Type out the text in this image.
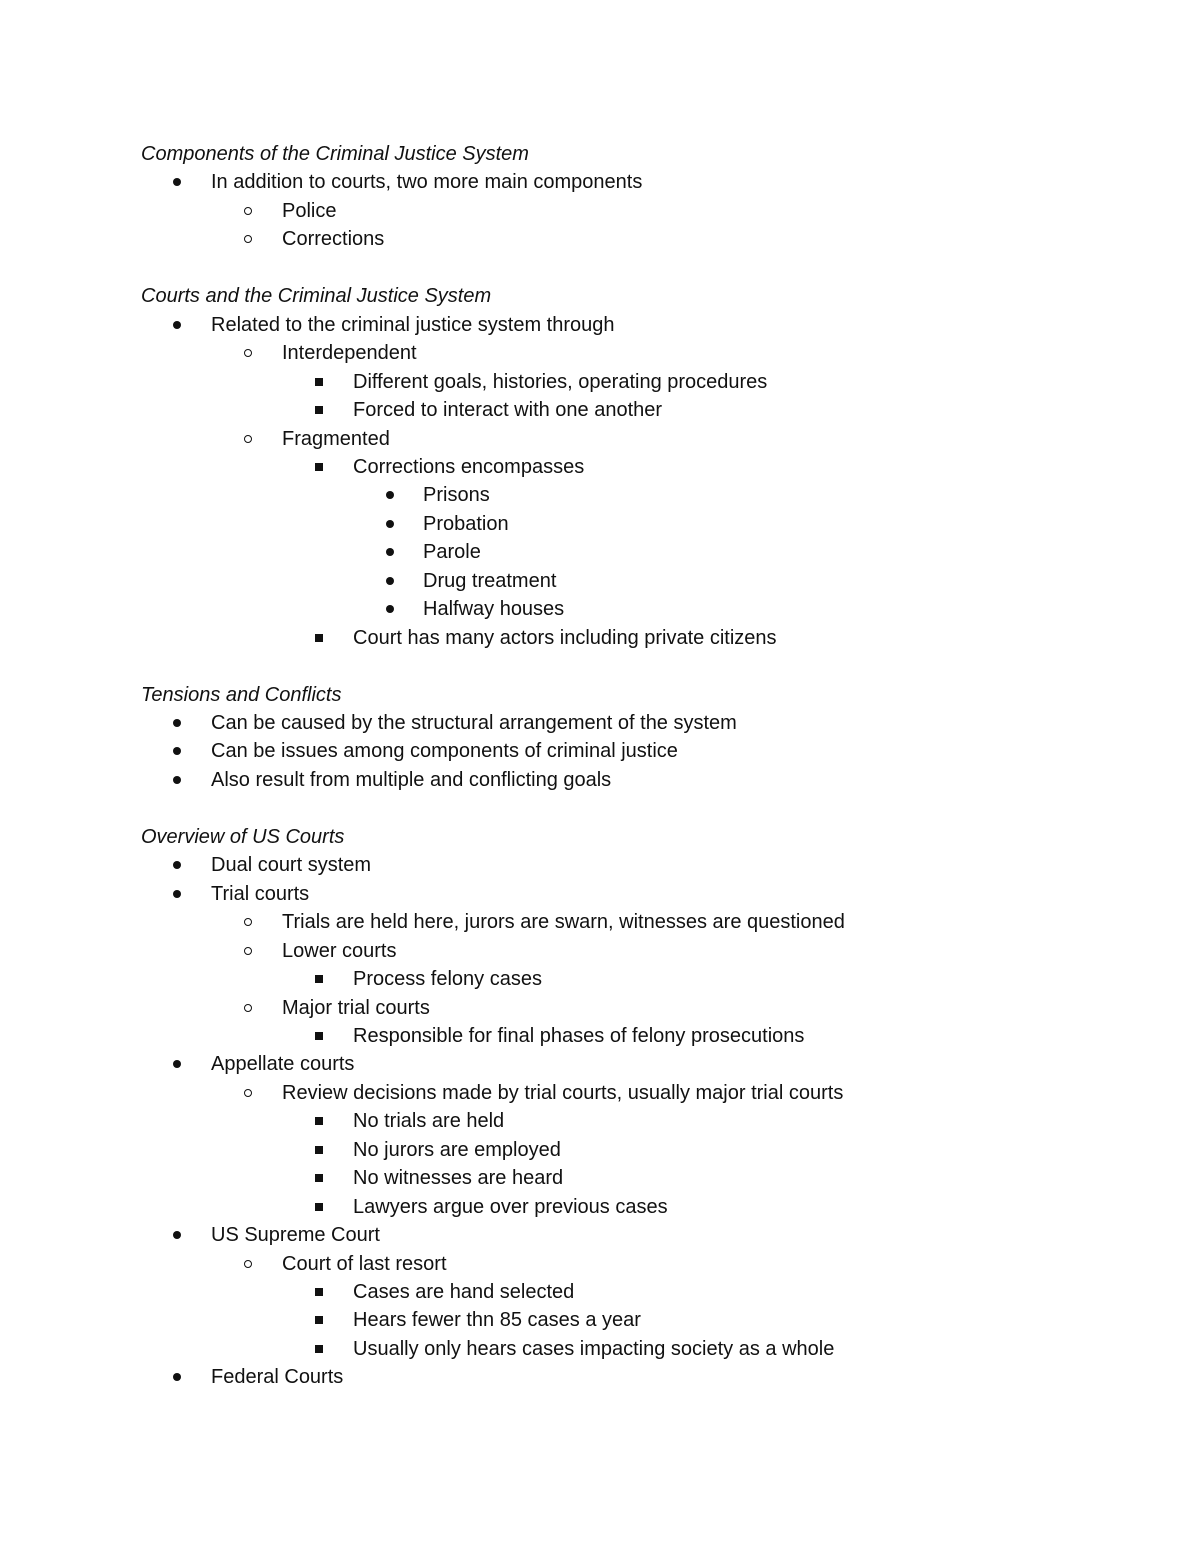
Components of the Criminal Justice System
In addition to courts, two more main components
Police
Corrections
Courts and the Criminal Justice System
Related to the criminal justice system through
Interdependent
Different goals, histories, operating procedures
Forced to interact with one another
Fragmented
Corrections encompasses
Prisons
Probation
Parole
Drug treatment
Halfway houses
Court has many actors including private citizens
Tensions and Conflicts
Can be caused by the structural arrangement of the system
Can be issues among components of criminal justice
Also result from multiple and conflicting goals
Overview of US Courts
Dual court system
Trial courts
Trials are held here, jurors are swarn, witnesses are questioned
Lower courts
Process felony cases
Major trial courts
Responsible for final phases of felony prosecutions
Appellate courts
Review decisions made by trial courts, usually major trial courts
No trials are held
No jurors are employed
No witnesses are heard
Lawyers argue over previous cases
US Supreme Court
Court of last resort
Cases are hand selected
Hears fewer thn 85 cases a year
Usually only hears cases impacting society as a whole
Federal Courts
